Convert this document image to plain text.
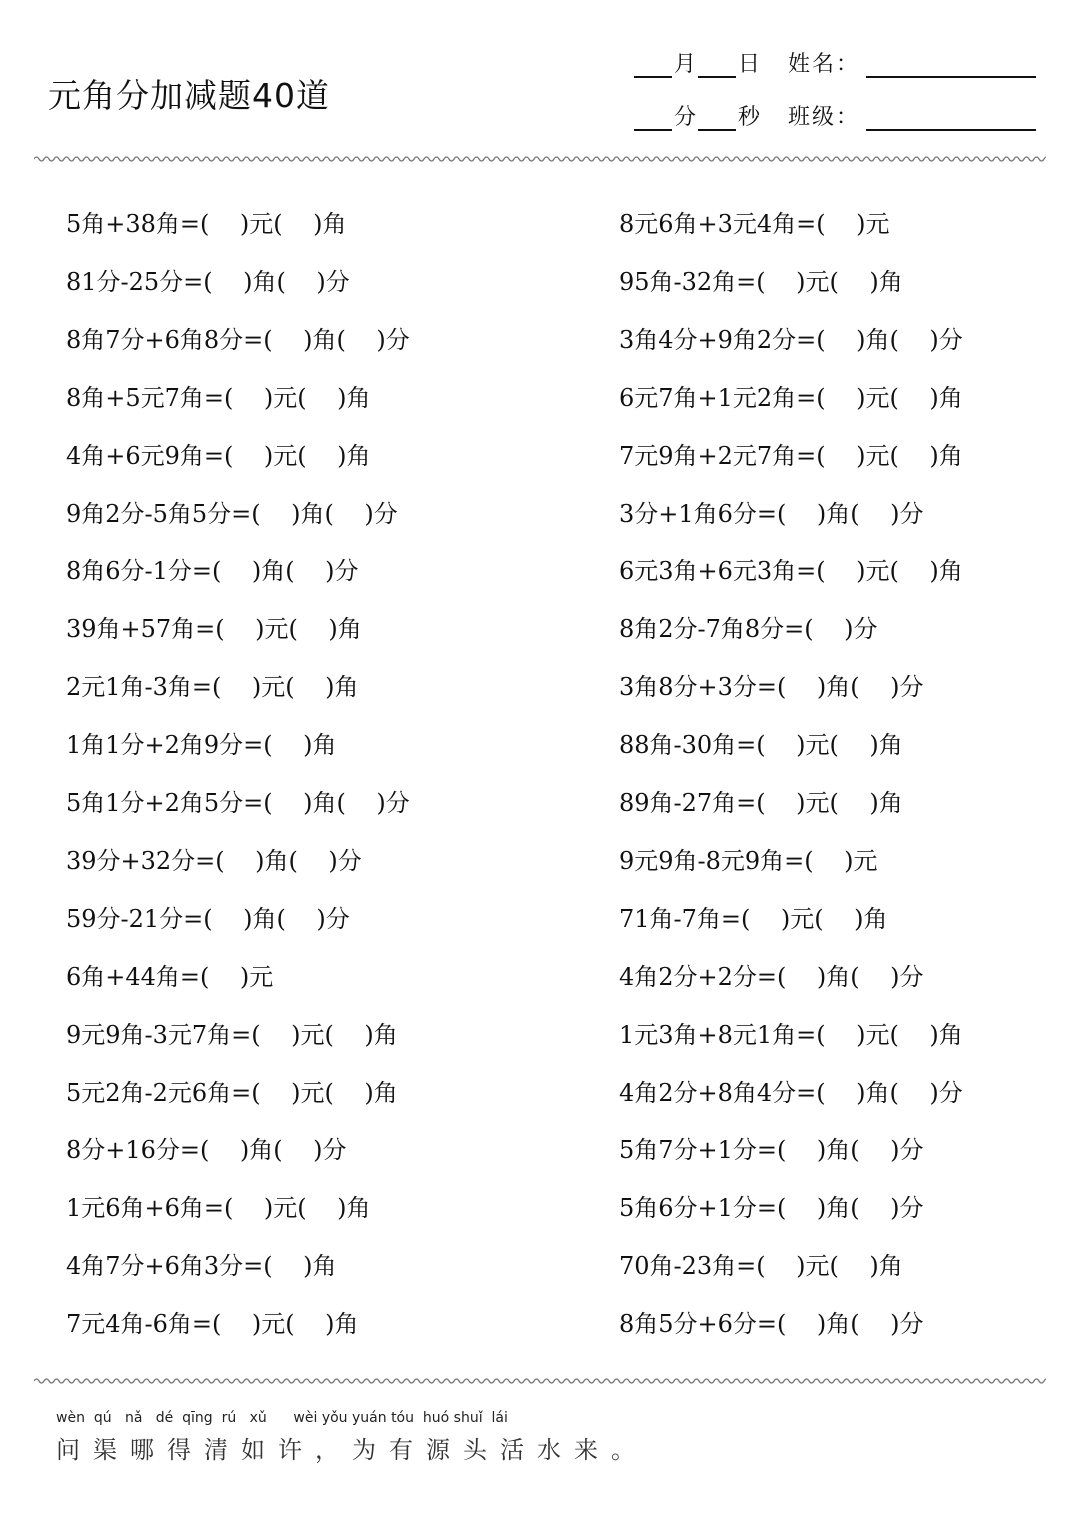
元角分加减题40道
月 日 姓名：
分 秒 班级：
5角+38角=(    )元(    )角
81分-25分=(    )角(    )分
8角7分+6角8分=(    )角(    )分
8角+5元7角=(    )元(    )角
4角+6元9角=(    )元(    )角
9角2分-5角5分=(    )角(    )分
8角6分-1分=(    )角(    )分
39角+57角=(    )元(    )角
2元1角-3角=(    )元(    )角
1角1分+2角9分=(    )角
5角1分+2角5分=(    )角(    )分
39分+32分=(    )角(    )分
59分-21分=(    )角(    )分
6角+44角=(    )元
9元9角-3元7角=(    )元(    )角
5元2角-2元6角=(    )元(    )角
8分+16分=(    )角(    )分
1元6角+6角=(    )元(    )角
4角7分+6角3分=(    )角
7元4角-6角=(    )元(    )角
8元6角+3元4角=(    )元
95角-32角=(    )元(    )角
3角4分+9角2分=(    )角(    )分
6元7角+1元2角=(    )元(    )角
7元9角+2元7角=(    )元(    )角
3分+1角6分=(    )角(    )分
6元3角+6元3角=(    )元(    )角
8角2分-7角8分=(    )分
3角8分+3分=(    )角(    )分
88角-30角=(    )元(    )角
89角-27角=(    )元(    )角
9元9角-8元9角=(    )元
71角-7角=(    )元(    )角
4角2分+2分=(    )角(    )分
1元3角+8元1角=(    )元(    )角
4角2分+8角4分=(    )角(    )分
5角7分+1分=(    )角(    )分
5角6分+1分=(    )角(    )分
70角-23角=(    )元(    )角
8角5分+6分=(    )角(    )分
wèn  qú   nǎ   dé  qīng  rú   xǔ      wèi yǒu yuán tóu  huó shuǐ  lái
问渠哪得清如许，为有源头活水来。
